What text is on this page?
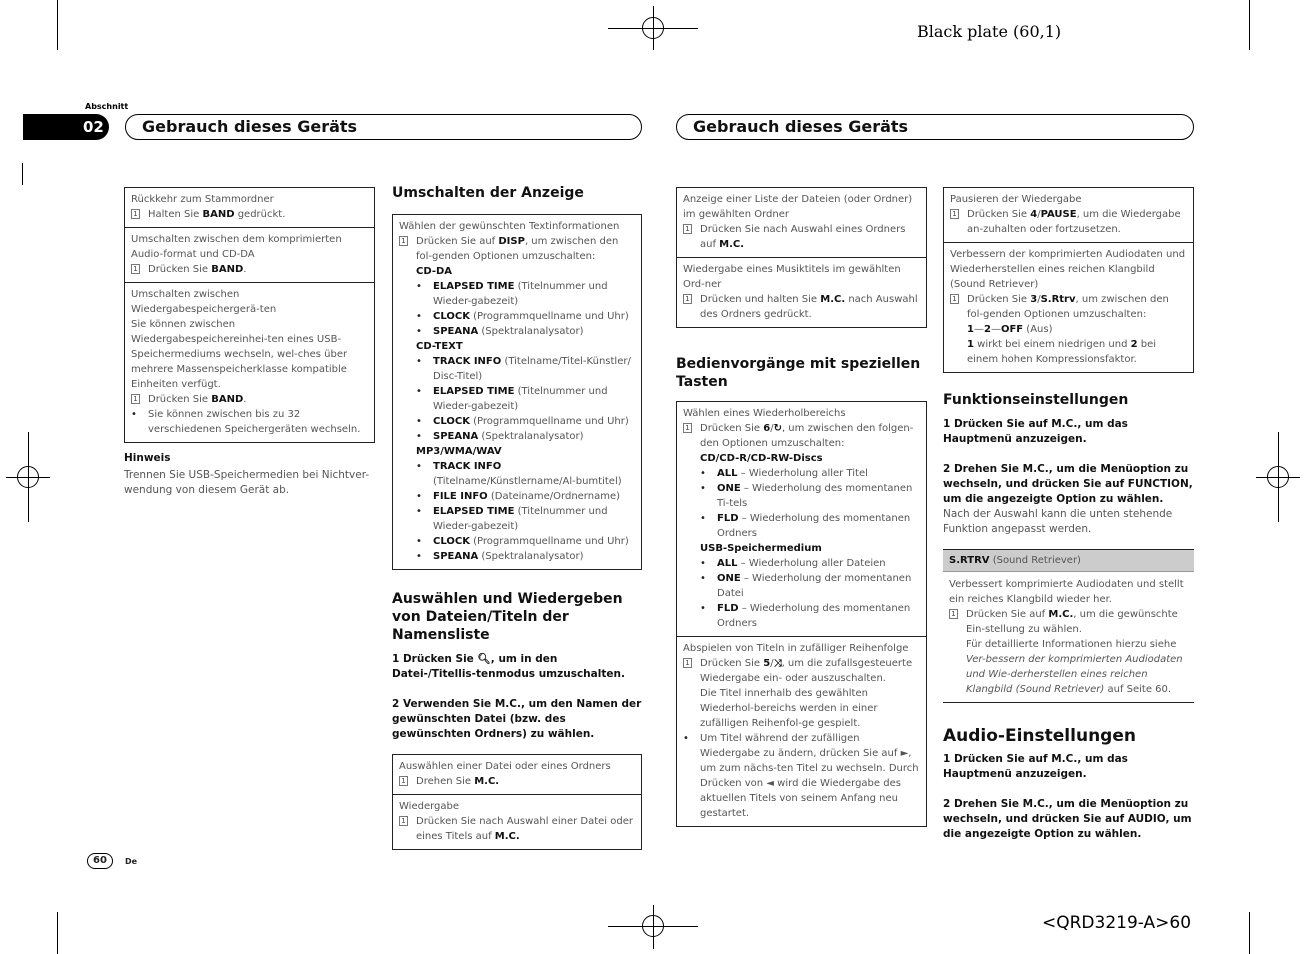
Black plate (60,1)
Abschnitt
02	Gebrauch dieses Geräts	Gebrauch dieses Geräts
Rückkehr zum Stammordner
1 Halten Sie BAND gedrückt.
Umschalten zwischen dem komprimierten Audio-format und CD-DA
1 Drücken Sie BAND.
Umschalten zwischen Wiedergabespeichergerä-ten
Sie können zwischen Wiedergabespeichereinhei-ten eines USB-Speichermediums wechseln, wel-ches über mehrere Massenspeicherklasse kompatible Einheiten verfügt.
1 Drücken Sie BAND.
•	Sie können zwischen bis zu 32 verschiedenen Speichergeräten wechseln.
Hinweis
Trennen Sie USB-Speichermedien bei Nichtver-wendung von diesem Gerät ab.
Umschalten der Anzeige
Wählen der gewünschten Textinformationen
1 Drücken Sie auf DISP, um zwischen den fol-genden Optionen umzuschalten:
CD-DA
•	ELAPSED TIME (Titelnummer und Wieder-gabezeit)
•	CLOCK (Programmquellname und Uhr)
•	SPEANA (Spektralanalysator)
CD-TEXT
•	TRACK INFO (Titelname/Titel-Künstler/ Disc-Titel)
•	ELAPSED TIME (Titelnummer und Wieder-gabezeit)
•	CLOCK (Programmquellname und Uhr)
•	SPEANA (Spektralanalysator)
MP3/WMA/WAV
•	TRACK INFO (Titelname/Künstlername/Al-bumtitel)
•	FILE INFO (Dateiname/Ordnername)
•	ELAPSED TIME (Titelnummer und Wieder-gabezeit)
•	CLOCK (Programmquellname und Uhr)
•	SPEANA (Spektralanalysator)
Auswählen und Wiedergeben von Dateien/Titeln der Namensliste
1 Drücken Sie 🔍︎, um in den Datei-/Titellis-tenmodus umzuschalten.
2 Verwenden Sie M.C., um den Namen der gewünschten Datei (bzw. des gewünschten Ordners) zu wählen.
Auswählen einer Datei oder eines Ordners
1 Drehen Sie M.C.
Wiedergabe
1 Drücken Sie nach Auswahl einer Datei oder eines Titels auf M.C.
Anzeige einer Liste der Dateien (oder Ordner) im gewählten Ordner
1 Drücken Sie nach Auswahl eines Ordners auf M.C.
Wiedergabe eines Musiktitels im gewählten Ord-ner
1 Drücken und halten Sie M.C. nach Auswahl des Ordners gedrückt.
Bedienvorgänge mit speziellen Tasten
Wählen eines Wiederholbereichs
1 Drücken Sie 6/↻, um zwischen den folgen-den Optionen umzuschalten:
CD/CD-R/CD-RW-Discs
•	ALL – Wiederholung aller Titel
•	ONE – Wiederholung des momentanen Ti-tels
•	FLD – Wiederholung des momentanen Ordners
USB-Speichermedium
•	ALL – Wiederholung aller Dateien
•	ONE – Wiederholung der momentanen Datei
•	FLD – Wiederholung des momentanen Ordners
Abspielen von Titeln in zufälliger Reihenfolge
1 Drücken Sie 5/⤨, um die zufallsgesteuerte Wiedergabe ein- oder auszuschalten.
Die Titel innerhalb des gewählten Wiederhol-bereichs werden in einer zufälligen Reihenfol-ge gespielt.
•	Um Titel während der zufälligen Wiedergabe zu ändern, drücken Sie auf ►, um zum nächs-ten Titel zu wechseln. Durch Drücken von ◄ wird die Wiedergabe des aktuellen Titels von seinem Anfang neu gestartet.
Pausieren der Wiedergabe
1 Drücken Sie 4/PAUSE, um die Wiedergabe an-zuhalten oder fortzusetzen.
Verbessern der komprimierten Audiodaten und Wiederherstellen eines reichen Klangbild (Sound Retriever)
1 Drücken Sie 3/S.Rtrv, um zwischen den fol-genden Optionen umzuschalten:
1—2—OFF (Aus)
1 wirkt bei einem niedrigen und 2 bei einem hohen Kompressionsfaktor.
Funktionseinstellungen
1 Drücken Sie auf M.C., um das Hauptmenü anzuzeigen.
2 Drehen Sie M.C., um die Menüoption zu wechseln, und drücken Sie auf FUNCTION, um die angezeigte Option zu wählen.
Nach der Auswahl kann die unten stehende Funktion angepasst werden.
S.RTRV (Sound Retriever)
Verbessert komprimierte Audiodaten und stellt ein reiches Klangbild wieder her.
1 Drücken Sie auf M.C., um die gewünschte Ein-stellung zu wählen.
Für detaillierte Informationen hierzu siehe Ver-bessern der komprimierten Audiodaten und Wie-derherstellen eines reichen Klangbild (Sound Retriever) auf Seite 60.
Audio-Einstellungen
1 Drücken Sie auf M.C., um das Hauptmenü anzuzeigen.
2 Drehen Sie M.C., um die Menüoption zu wechseln, und drücken Sie auf AUDIO, um die angezeigte Option zu wählen.
60	De
<QRD3219-A>60
